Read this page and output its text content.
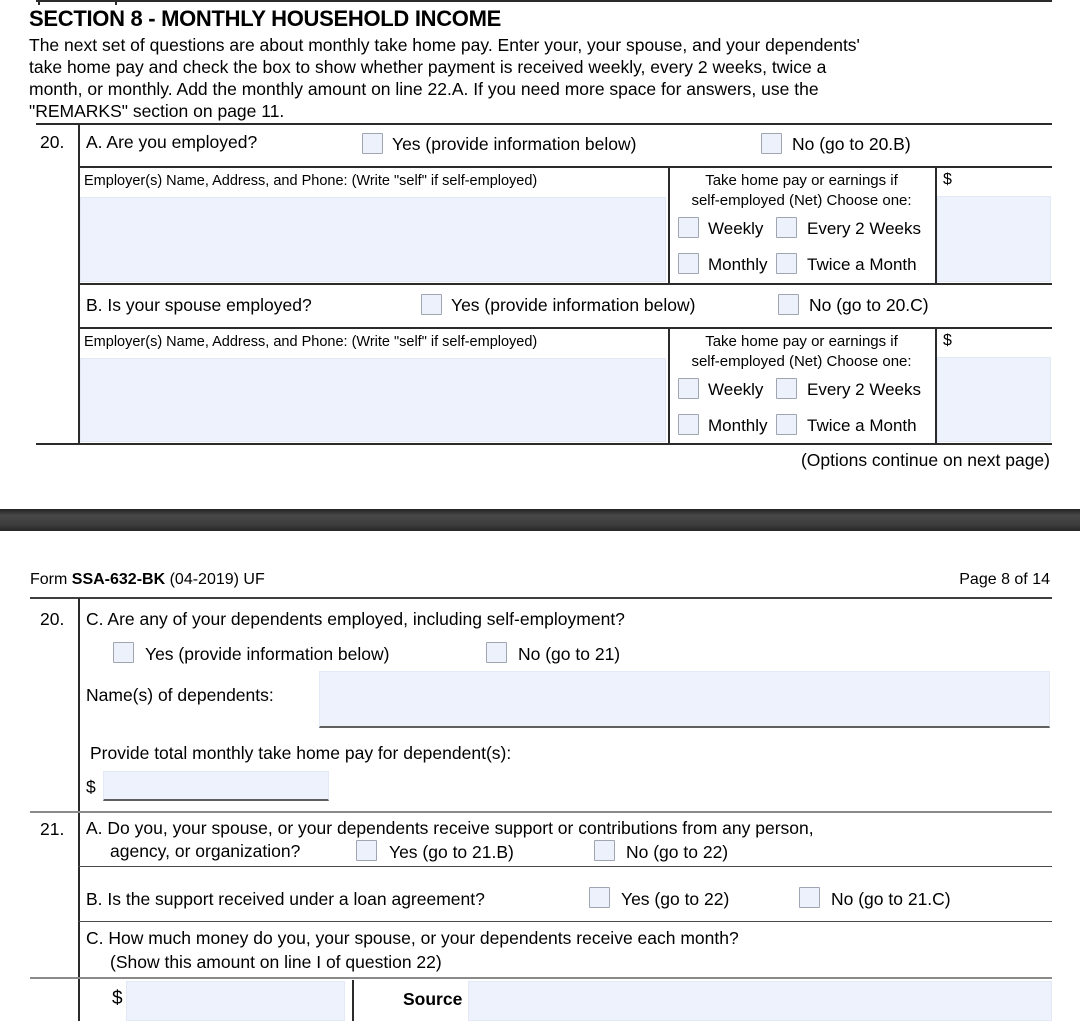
SECTION 8 - MONTHLY HOUSEHOLD INCOME
The next set of questions are about monthly take home pay. Enter your, your spouse, and your dependents'
take home pay and check the box to show whether payment is received weekly, every 2 weeks, twice a
month, or monthly. Add the monthly amount on line 22.A. If you need more space for answers, use the
"REMARKS" section on page 11.
20. A. Are you employed?	Yes (provide information below)	No (go to 20.B)
Employer(s) Name, Address, and Phone: (Write "self" if self-employed)	Take home pay or earnings if
self-employed (Net) Choose one:
Weekly	Every 2 Weeks
Monthly Twice a Month
$
B. Is your spouse employed?	Yes (provide information below)	No (go to 20.C)
Employer(s) Name, Address, and Phone: (Write "self" if self-employed)	Take home pay or earnings if
self-employed (Net) Choose one:
Weekly	Every 2 Weeks
Monthly Twice a Month
$
(Options continue on next page)
Form SSA-632-BK (04-2019) UF	Page 8 of 14
20. C. Are any of your dependents employed, including self-employment?
Yes (provide information below)	No (go to 21)
Name(s) of dependents:
Provide total monthly take home pay for dependent(s):
$
21. A. Do you, your spouse, or your dependents receive support or contributions from any person,
agency, or organization?	Yes (go to 21.B)	No (go to 22)
B. Is the support received under a loan agreement?	Yes (go to 22)	No (go to 21.C)
C. How much money do you, your spouse, or your dependents receive each month?
(Show this amount on line I of question 22)
$	Source
